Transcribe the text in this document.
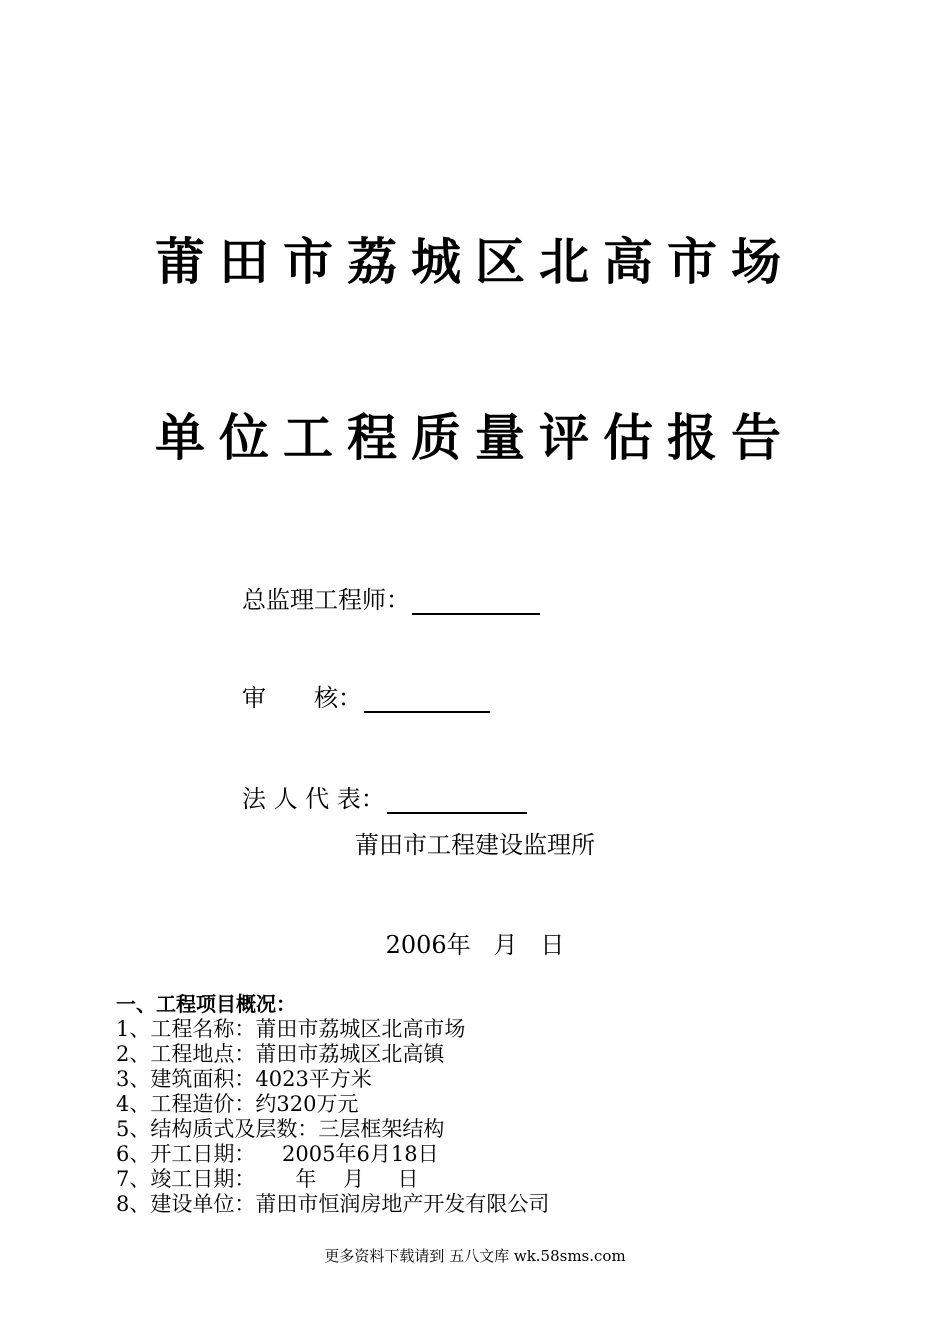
莆田市荔城区北高市场
单位工程质量评估报告
总监理工程师：
审　　核：
法 人 代 表：
莆田市工程建设监理所
2006年   月   日
一、工程项目概况：
1、工程名称：莆田市荔城区北高市场
2、工程地点：莆田市荔城区北高镇
3、建筑面积：4023平方米
4、工程造价：约320万元
5、结构质式及层数：三层框架结构
6、开工日期：    2005年6月18日
7、竣工日期：      年    月     日
8、建设单位：莆田市恒润房地产开发有限公司
更多资料下载请到 五八文库 wk.58sms.com
